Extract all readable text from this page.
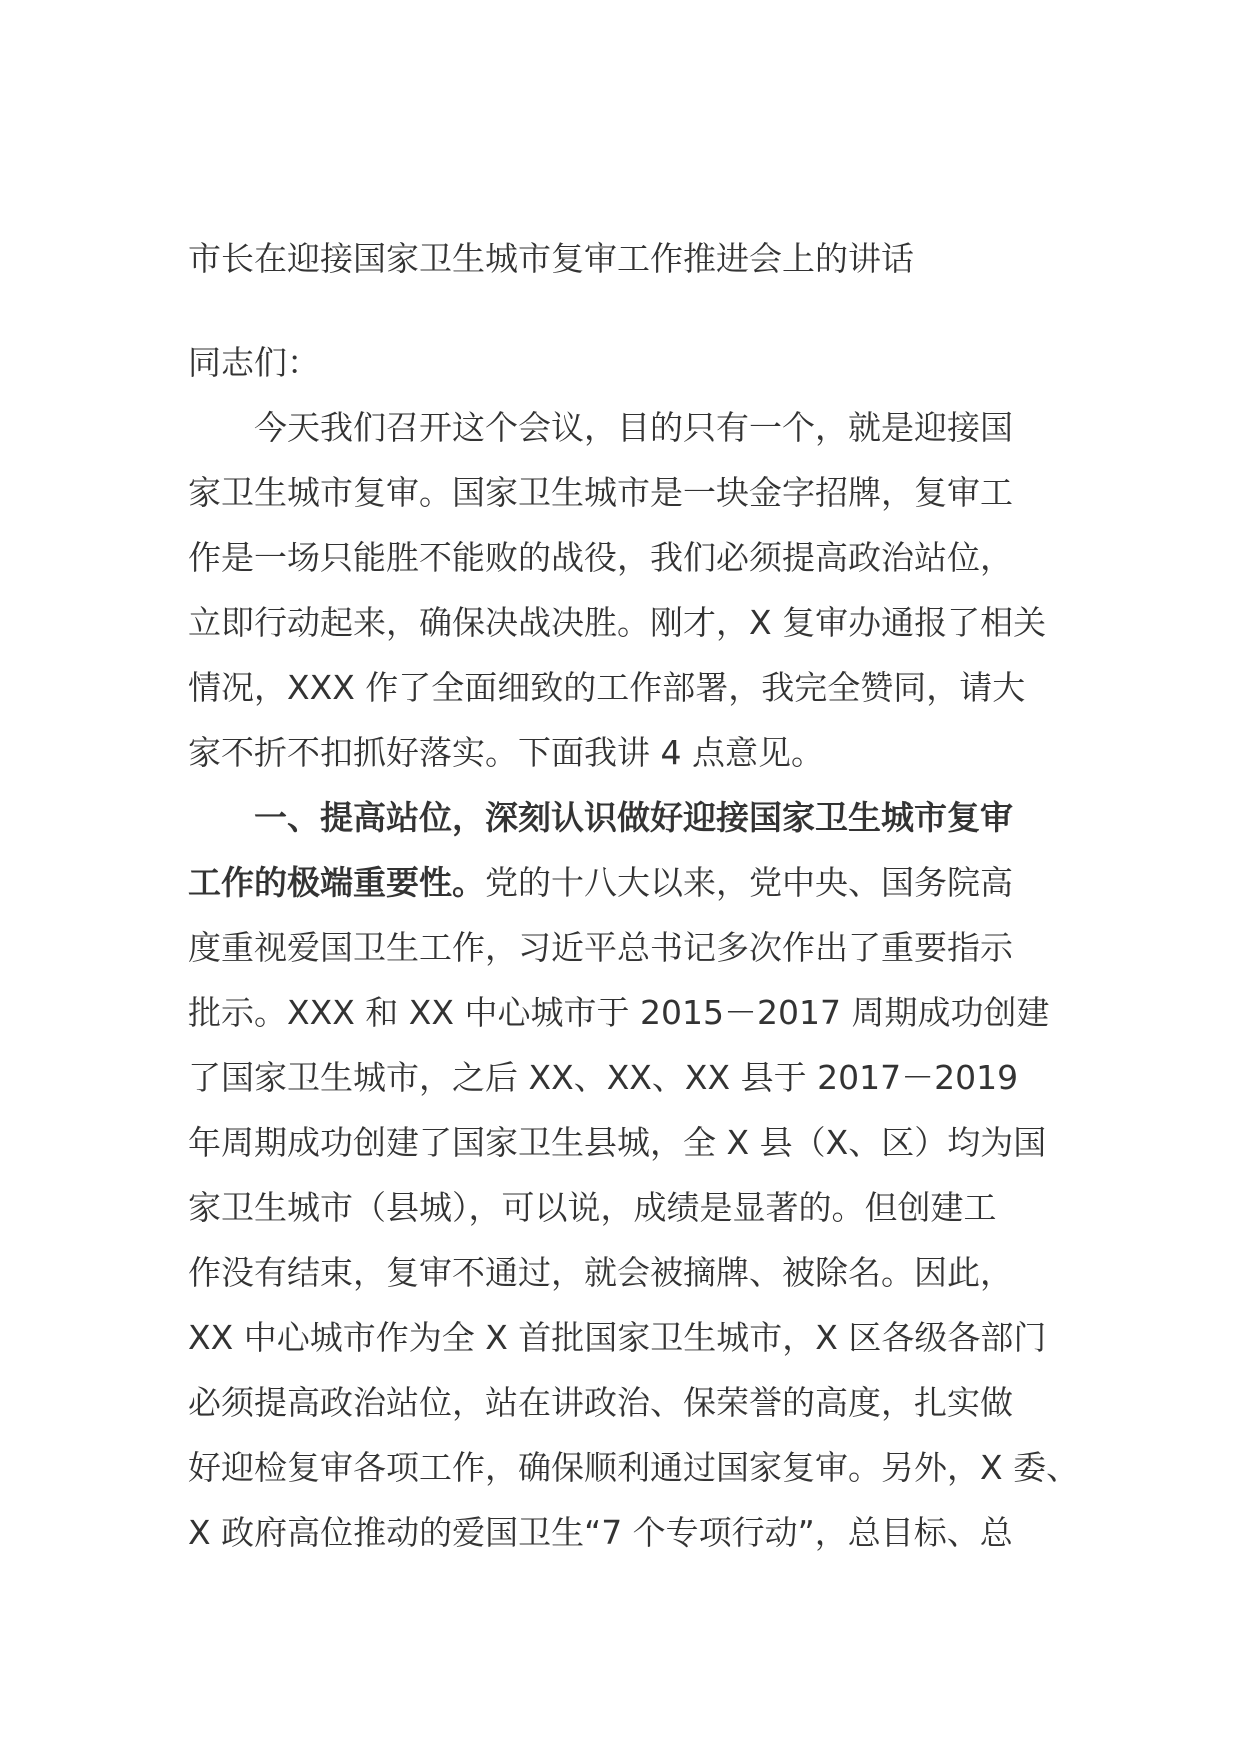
市长在迎接国家卫生城市复审工作推进会上的讲话
同志们：
　　今天我们召开这个会议，目的只有一个，就是迎接国
家卫生城市复审。国家卫生城市是一块金字招牌，复审工
作是一场只能胜不能败的战役，我们必须提高政治站位，
立即行动起来，确保决战决胜。刚才，X 复审办通报了相关
情况，XXX 作了全面细致的工作部署，我完全赞同，请大
家不折不扣抓好落实。下面我讲 4 点意见。
　　一、提高站位，深刻认识做好迎接国家卫生城市复审
工作的极端重要性。党的十八大以来，党中央、国务院高
度重视爱国卫生工作，习近平总书记多次作出了重要指示
批示。XXX 和 XX 中心城市于 2015－2017 周期成功创建
了国家卫生城市，之后 XX、XX、XX 县于 2017－2019
年周期成功创建了国家卫生县城，全 X 县（X、区）均为国
家卫生城市（县城），可以说，成绩是显著的。但创建工
作没有结束，复审不通过，就会被摘牌、被除名。因此，
XX 中心城市作为全 X 首批国家卫生城市，X 区各级各部门
必须提高政治站位，站在讲政治、保荣誉的高度，扎实做
好迎检复审各项工作，确保顺利通过国家复审。另外，X 委、
X 政府高位推动的爱国卫生“7 个专项行动”，总目标、总
